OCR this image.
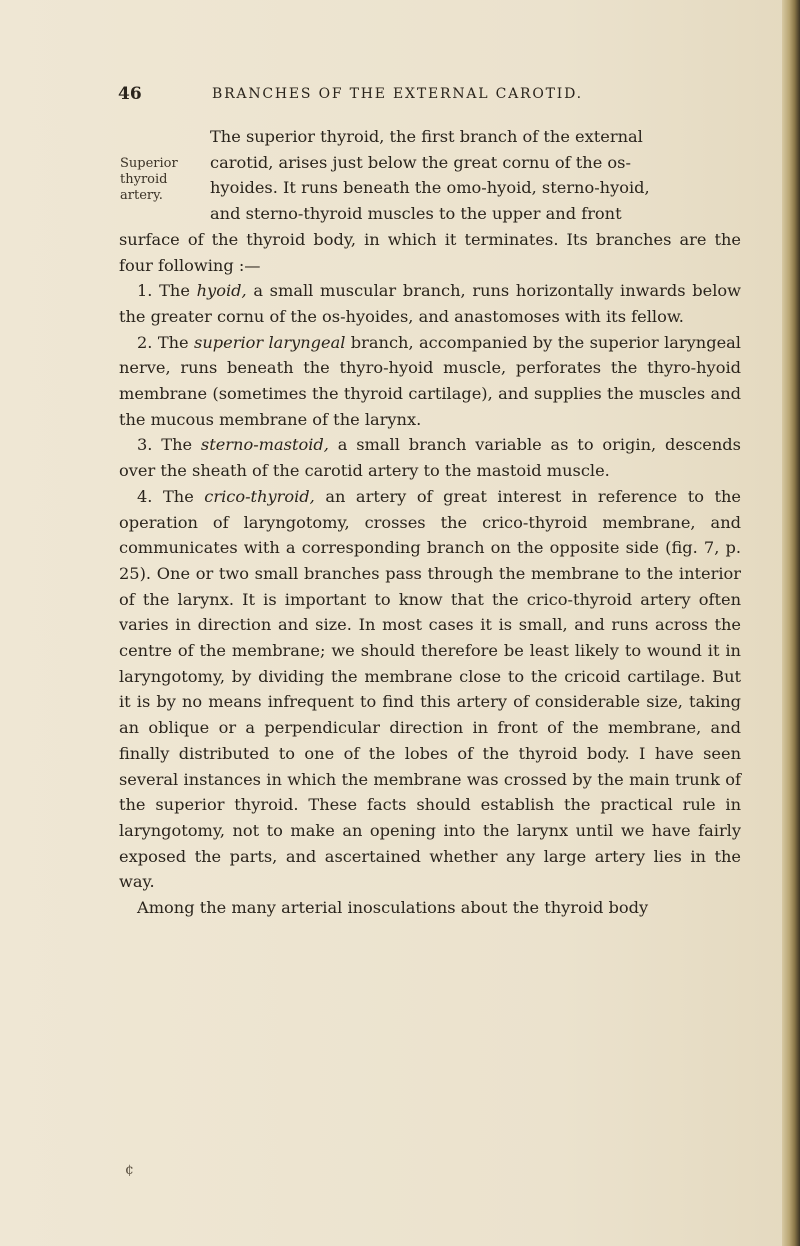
46	BRANCHES OF THE EXTERNAL CAROTID.
Superior
thyroid
artery.

The superior thyroid, the first branch of the external
carotid, arises just below the great cornu of the os-
hyoides. It runs beneath the omo-hyoid, sterno-hyoid,
and sterno-thyroid muscles to the upper and front
surface of the thyroid body, in which it terminates. Its branches are the four following :—

1. The hyoid, a small muscular branch, runs horizontally inwards below the greater cornu of the os-hyoides, and anastomoses with its fellow.

2. The superior laryngeal branch, accompanied by the superior laryngeal nerve, runs beneath the thyro-hyoid muscle, perforates the thyro-hyoid membrane (sometimes the thyroid cartilage), and supplies the muscles and the mucous membrane of the larynx.

3. The sterno-mastoid, a small branch variable as to origin, descends over the sheath of the carotid artery to the mastoid muscle.

4. The crico-thyroid, an artery of great interest in reference to the operation of laryngotomy, crosses the crico-thyroid membrane, and communicates with a corresponding branch on the opposite side (fig. 7, p. 25). One or two small branches pass through the membrane to the interior of the larynx. It is important to know that the crico-thyroid artery often varies in direction and size. In most cases it is small, and runs across the centre of the membrane; we should therefore be least likely to wound it in laryngotomy, by dividing the membrane close to the cricoid cartilage. But it is by no means infrequent to find this artery of considerable size, taking an oblique or a perpendicular direction in front of the membrane, and finally distributed to one of the lobes of the thyroid body. I have seen several instances in which the membrane was crossed by the main trunk of the superior thyroid. These facts should establish the practical rule in laryngotomy, not to make an opening into the larynx until we have fairly exposed the parts, and ascertained whether any large artery lies in the way.

Among the many arterial inosculations about the thyroid body

¢
